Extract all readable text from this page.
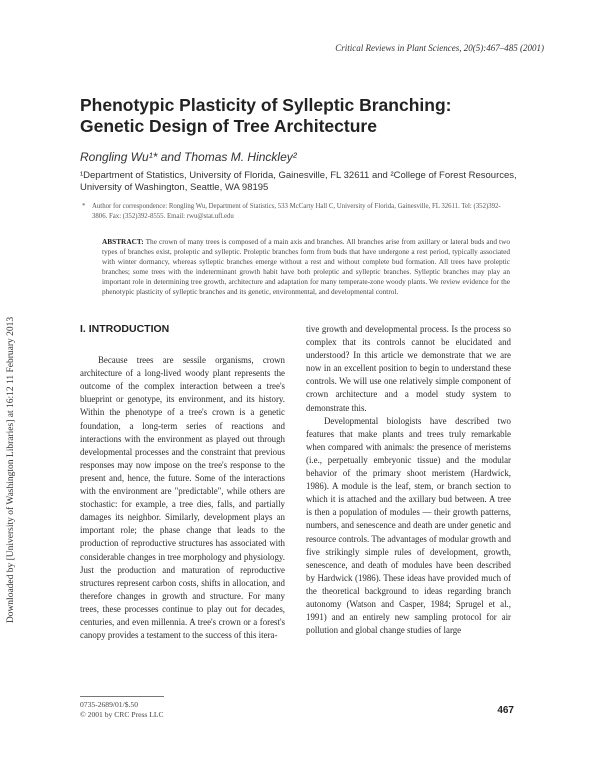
Downloaded by [University of Washington Libraries] at 16:12 11 February 2013
Critical Reviews in Plant Sciences, 20(5):467–485 (2001)
Phenotypic Plasticity of Sylleptic Branching:
Genetic Design of Tree Architecture
Rongling Wu¹* and Thomas M. Hinckley²
¹Department of Statistics, University of Florida, Gainesville, FL 32611 and ²College of Forest Resources,
University of Washington, Seattle, WA 98195
* Author for correspondence: Rongling Wu, Department of Statistics, 533 McCarty Hall C, University of Florida, Gainesville, FL 32611. Tel: (352)392-3806. Fax: (352)392-8555. Email: rwu@stat.ufl.edu
ABSTRACT: The crown of many trees is composed of a main axis and branches. All branches arise from axillary or lateral buds and two types of branches exist, proleptic and sylleptic. Proleptic branches form from buds that have undergone a rest period, typically associated with winter dormancy, whereas sylleptic branches emerge without a rest and without complete bud formation. All trees have proleptic branches; some trees with the indeterminant growth habit have both proleptic and sylleptic branches. Sylleptic branches may play an important role in determining tree growth, architecture and adaptation for many temperate-zone woody plants. We review evidence for the phenotypic plasticity of sylleptic branches and its genetic, environmental, and developmental control.
I. INTRODUCTION

Because trees are sessile organisms, crown architecture of a long-lived woody plant represents the outcome of the complex interaction between a tree's blueprint or genotype, its environment, and its history. Within the phenotype of a tree's crown is a genetic foundation, a long-term series of reactions and interactions with the environment as played out through developmental processes and the constraint that previous responses may now impose on the tree's response to the present and, hence, the future. Some of the interactions with the environment are "predictable", while others are stochastic: for example, a tree dies, falls, and partially damages its neighbor. Similarly, development plays an important role; the phase change that leads to the production of reproductive structures has associated with considerable changes in tree morphology and physiology. Just the production and maturation of reproductive structures represent carbon costs, shifts in allocation, and therefore changes in growth and structure. For many trees, these processes continue to play out for decades, centuries, and even millennia. A tree's crown or a forest's canopy provides a testament to the success of this itera-

tive growth and developmental process. Is the process so complex that its controls cannot be elucidated and understood? In this article we demonstrate that we are now in an excellent position to begin to understand these controls. We will use one relatively simple component of crown architecture and a model study system to demonstrate this.

Developmental biologists have described two features that make plants and trees truly remarkable when compared with animals: the presence of meristems (i.e., perpetually embryonic tissue) and the modular behavior of the primary shoot meristem (Hardwick, 1986). A module is the leaf, stem, or branch section to which it is attached and the axillary bud between. A tree is then a population of modules — their growth patterns, numbers, and senescence and death are under genetic and resource controls. The advantages of modular growth and five strikingly simple rules of development, growth, senescence, and death of modules have been described by Hardwick (1986). These ideas have provided much of the theoretical background to ideas regarding branch autonomy (Watson and Casper, 1984; Sprugel et al., 1991) and an entirely new sampling protocol for air pollution and global change studies of large

0735-2689/01/$.50
© 2001 by CRC Press LLC	467
